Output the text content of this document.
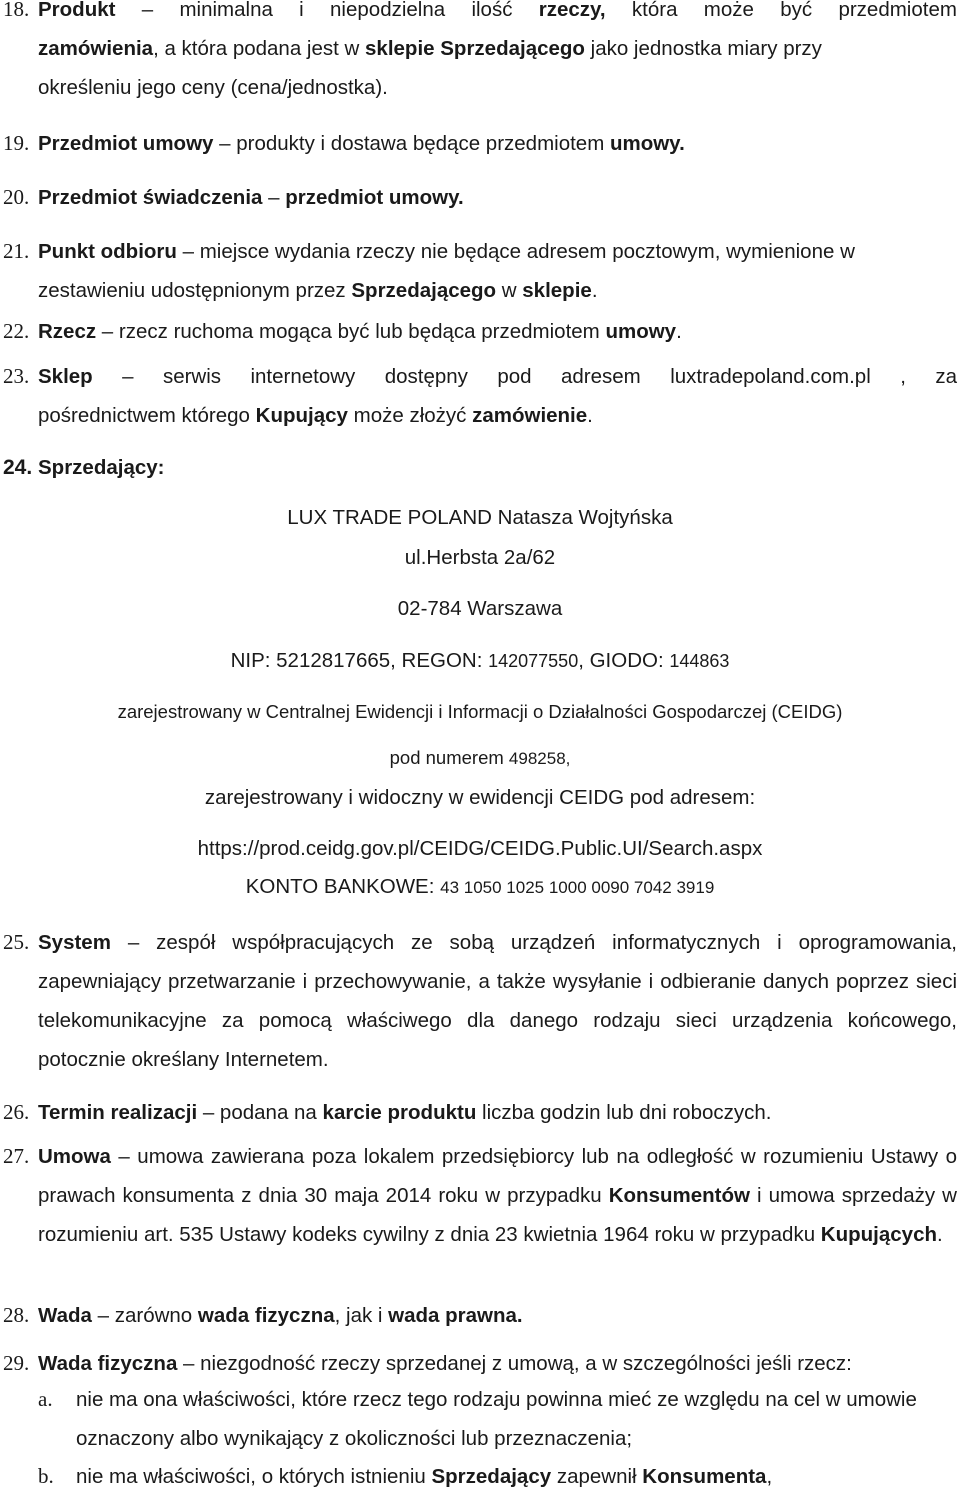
18. Produkt – minimalna i niepodzielna ilość rzeczy, która może być przedmiotem
zamówienia, a która podana jest w sklepie Sprzedającego jako jednostka miary przy
określeniu jego ceny (cena/jednostka).
19. Przedmiot umowy – produkty i dostawa będące przedmiotem umowy.
20. Przedmiot świadczenia – przedmiot umowy.
21. Punkt odbioru – miejsce wydania rzeczy nie będące adresem pocztowym, wymienione w
zestawieniu udostępnionym przez Sprzedającego w sklepie.
22. Rzecz – rzecz ruchoma mogąca być lub będąca przedmiotem umowy.
23. Sklep – serwis internetowy dostępny pod adresem luxtradepoland.com.pl , za
pośrednictwem którego Kupujący może złożyć zamówienie.
24. Sprzedający:
LUX TRADE POLAND Natasza Wojtyńska
ul.Herbsta 2a/62
02-784 Warszawa
NIP: 5212817665, REGON: 142077550, GIODO: 144863
zarejestrowany w Centralnej Ewidencji i Informacji o Działalności Gospodarczej (CEIDG)
pod numerem 498258,
zarejestrowany i widoczny w ewidencji CEIDG pod adresem:
https://prod.ceidg.gov.pl/CEIDG/CEIDG.Public.UI/Search.aspx
KONTO BANKOWE: 43 1050 1025 1000 0090 7042 3919
25. System – zespół współpracujących ze sobą urządzeń informatycznych i oprogramowania, zapewniający przetwarzanie i przechowywanie, a także wysyłanie i odbieranie danych poprzez sieci telekomunikacyjne za pomocą właściwego dla danego rodzaju sieci urządzenia końcowego, potocznie określany Internetem.
26. Termin realizacji – podana na karcie produktu liczba godzin lub dni roboczych.
27. Umowa – umowa zawierana poza lokalem przedsiębiorcy lub na odległość w rozumieniu Ustawy o prawach konsumenta z dnia 30 maja 2014 roku w przypadku Konsumentów i umowa sprzedaży w rozumieniu art. 535 Ustawy kodeks cywilny z dnia 23 kwietnia 1964 roku w przypadku Kupujących.
28. Wada – zarówno wada fizyczna, jak i wada prawna.
29. Wada fizyczna – niezgodność rzeczy sprzedanej z umową, a w szczególności jeśli rzecz:
a. nie ma ona właściwości, które rzecz tego rodzaju powinna mieć ze względu na cel w umowie oznaczony albo wynikający z okoliczności lub przeznaczenia;
b. nie ma właściwości, o których istnieniu Sprzedający zapewnił Konsumenta,
